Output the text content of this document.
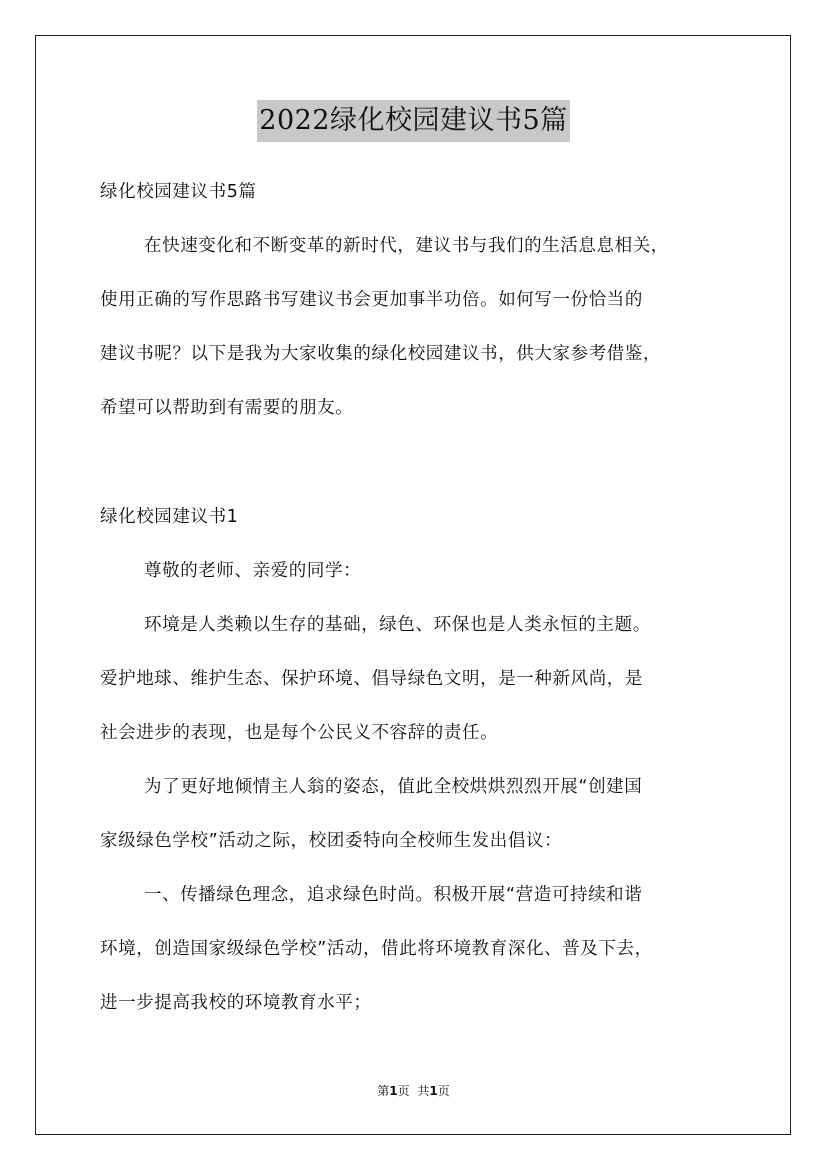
2022绿化校园建议书5篇

绿化校园建议书5篇

在快速变化和不断变革的新时代，建议书与我们的生活息息相关，

使用正确的写作思路书写建议书会更加事半功倍。如何写一份恰当的

建议书呢？以下是我为大家收集的绿化校园建议书，供大家参考借鉴，

希望可以帮助到有需要的朋友。

绿化校园建议书1

尊敬的老师、亲爱的同学：

环境是人类赖以生存的基础，绿色、环保也是人类永恒的主题。

爱护地球、维护生态、保护环境、倡导绿色文明，是一种新风尚，是

社会进步的表现，也是每个公民义不容辞的责任。

为了更好地倾情主人翁的姿态，值此全校烘烘烈烈开展“创建国

家级绿色学校”活动之际，校团委特向全校师生发出倡议：

一、传播绿色理念，追求绿色时尚。积极开展“营造可持续和谐

环境，创造国家级绿色学校”活动，借此将环境教育深化、普及下去，

进一步提高我校的环境教育水平；

第1页 共1页
